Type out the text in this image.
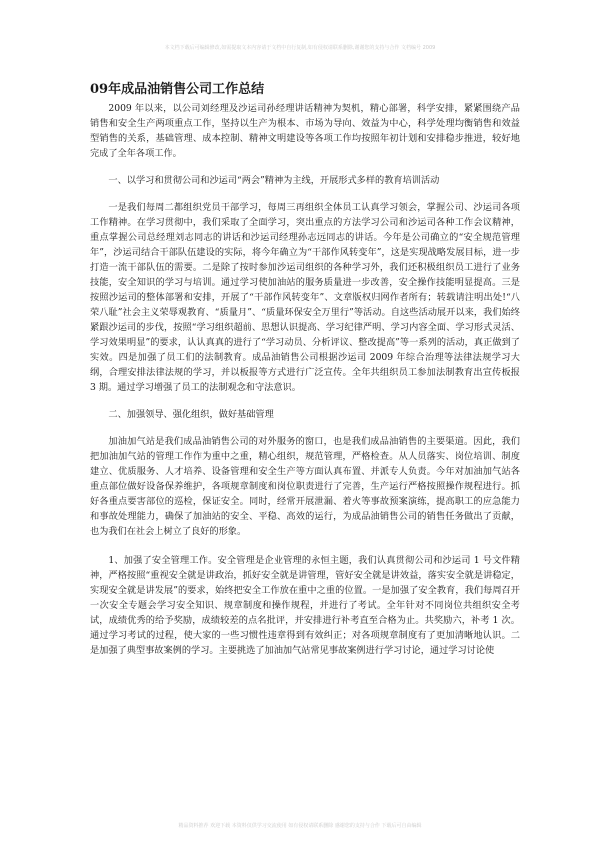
本文档下载后可编辑修改,如需提取文本内容请于文档中自行复制,如有侵权请联系删除,谢谢您的支持与合作 文档编号 2009
09年成品油销售公司工作总结

2009 年以来，以公司刘经理及沙运司孙经理讲话精神为契机，精心部署，科学安排，紧紧围绕产品销售和安全生产两项重点工作，坚持以生产为根本、市场为导向、效益为中心，科学处理均衡销售和效益型销售的关系，基础管理、成本控制、精神文明建设等各项工作均按照年初计划和安排稳步推进，较好地完成了全年各项工作。

一、以学习和贯彻公司和沙运司“两会”精神为主线，开展形式多样的教育培训活动

一是我们每周二都组织党员干部学习，每周三再组织全体员工认真学习领会，掌握公司、沙运司各项工作精神。在学习贯彻中，我们采取了全面学习，突出重点的方法学习公司和沙运司各种工作会议精神，重点掌握公司总经理刘志同志的讲话和沙运司经理孙志远同志的讲话。今年是公司确立的“安全规范管理年”，沙运司结合干部队伍建设的实际，将今年确立为“干部作风转变年”，这是实现战略发展目标，进一步打造一流干部队伍的需要。二是除了按时参加沙运司组织的各种学习外，我们还积极组织员工进行了业务技能，安全知识的学习与培训。通过学习使加油站的服务质量进一步改善，安全操作技能明显提高。三是按照沙运司的整体部署和安排，开展了“干部作风转变年”、文章版权归网作者所有；转载请注明出处!“八荣八耻”社会主义荣辱观教育、“质量月”、“质量环保安全万里行”等活动。自这些活动展开以来，我们始终紧跟沙运司的步伐，按照“学习组织超前、思想认识提高、学习纪律严明、学习内容全面、学习形式灵活、学习效果明显”的要求，认认真真的进行了“学习动员、分析评议、整改提高”等一系列的活动，真正做到了实效。四是加强了员工们的法制教育。成品油销售公司根据沙运司 2009 年综合治理等法律法规学习大纲，合理安排法律法规的学习，并以板报等方式进行广泛宣传。全年共组织员工参加法制教育出宣传板报 3 期。通过学习增强了员工的法制观念和守法意识。

二、加强领导、强化组织，做好基础管理

加油加气站是我们成品油销售公司的对外服务的窗口，也是我们成品油销售的主要渠道。因此，我们把加油加气站的管理工作作为重中之重，精心组织，规范管理，严格检查。从人员落实、岗位培训、制度建立、优质服务、人才培养、设备管理和安全生产等方面认真布置、并派专人负责。今年对加油加气站各重点部位做好设备保养维护，各项规章制度和岗位职责进行了完善，生产运行严格按照操作规程进行。抓好各重点要害部位的巡检，保证安全。同时，经常开展泄漏、着火等事故预案演练，提高职工的应急能力和事故处理能力，确保了加油站的安全、平稳、高效的运行，为成品油销售公司的销售任务做出了贡献，也为我们在社会上树立了良好的形象。

1、加强了安全管理工作。安全管理是企业管理的永恒主题，我们认真贯彻公司和沙运司 1 号文件精神，严格按照“重视安全就是讲政治，抓好安全就是讲管理，管好安全就是讲效益，落实安全就是讲稳定，实现安全就是讲发展”的要求，始终把安全工作放在重中之重的位置。一是加强了安全教育，我们每周召开一次安全专题会学习安全知识、规章制度和操作规程，并进行了考试。全年针对不同岗位共组织安全考试，成绩优秀的给予奖励，成绩较差的点名批评，并安排进行补考直至合格为止。共奖励六，补考 1 次。通过学习考试的过程，使大家的一些习惯性违章得到有效纠正；对各项规章制度有了更加清晰地认识。二是加强了典型事故案例的学习。主要挑选了加油加气站常见事故案例进行学习讨论，通过学习讨论使

精品资料推荐 欢迎下载 本资料仅供学习交流使用 如有侵权请联系删除 感谢您的支持与合作 下载后可自由编辑
